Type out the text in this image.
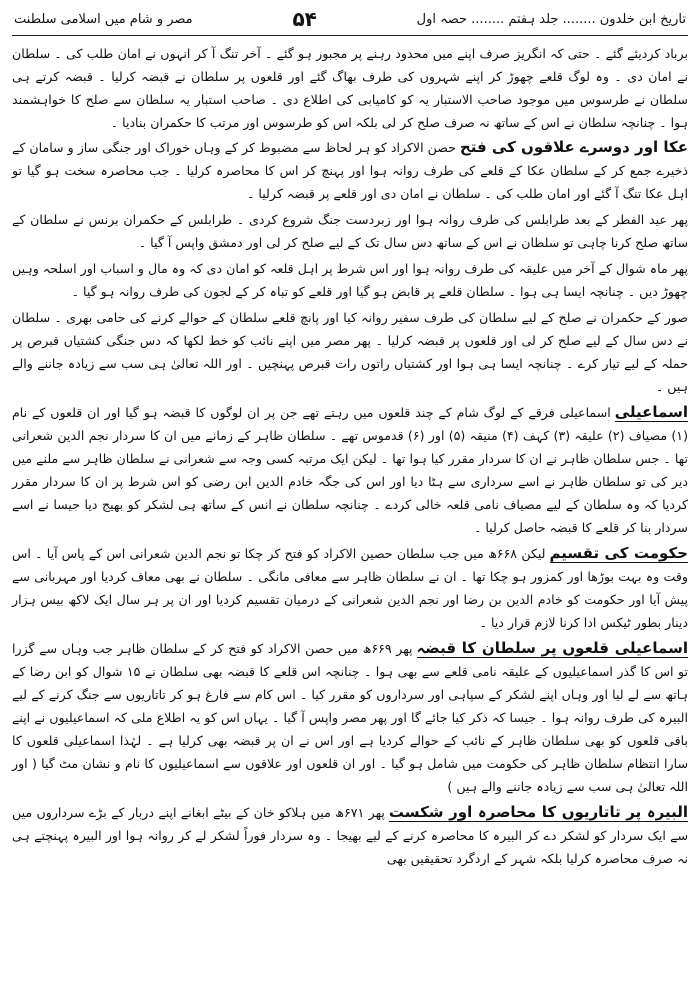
تاریخ ابن خلدون ........ جلد ہفتم ........ حصہ اول
۵۴
مصر و شام میں اسلامی سلطنت

برباد کردیئے گئے ۔ حتی کہ انگریز صرف اپنے میں محدود رہنے پر مجبور ہو گئے ۔ آخر تنگ آ کر انہوں نے امان طلب کی ۔ سلطان نے امان دی ۔ وہ لوگ قلعے چھوڑ کر اپنے شہروں کی طرف بھاگ گئے اور قلعوں پر سلطان نے قبضہ کرلیا ۔ قبضہ کرتے ہی سلطان نے طرسوس میں موجود صاحب الاستبار یہ کو کامیابی کی اطلاع دی ۔ صاحب استبار یہ سلطان سے صلح کا خواہشمند ہوا ۔ چنانچہ سلطان نے اس کے ساتھ نہ صرف صلح کر لی بلکہ اس کو طرسوس اور مرتب کا حکمران بنادیا ۔

عکا اور دوسرے علاقوں کی فتححصن الاکراد کو ہر لحاظ سے مضبوط کر کے وہاں خوراک اور جنگی ساز و سامان کے ذخیرے جمع کر کے سلطان عکا کے قلعے کی طرف روانہ ہوا اور پہنچ کر اس کا محاصرہ کرلیا ۔ جب محاصرہ سخت ہو گیا تو اہل عکا تنگ آ گئے اور امان طلب کی ۔ سلطان نے امان دی اور قلعے پر قبضہ کرلیا ۔

پھر عید الفطر کے بعد طرابلس کی طرف روانہ ہوا اور زبردست جنگ شروع کردی ۔ طرابلس کے حکمران برنس نے سلطان کے ساتھ صلح کرنا چاہی تو سلطان نے اس کے ساتھ دس سال تک کے لیے صلح کر لی اور دمشق واپس آ گیا ۔

پھر ماہ شوال کے آخر میں علیقہ کی طرف روانہ ہوا اور اس شرط پر اہل قلعہ کو امان دی کہ وہ مال و اسباب اور اسلحہ وہیں چھوڑ دیں ۔ چنانچہ ایسا ہی ہوا ۔ سلطان قلعے پر قابض ہو گیا اور قلعے کو تباہ کر کے لجون کی طرف روانہ ہو گیا ۔

صور کے حکمران نے صلح کے لیے سلطان کی طرف سفیر روانہ کیا اور پانچ قلعے سلطان کے حوالے کرنے کی حامی بھری ۔ سلطان نے دس سال کے لیے صلح کر لی اور قلعوں پر قبضہ کرلیا ۔ پھر مصر میں اپنے نائب کو خط لکھا کہ دس جنگی کشتیاں قبرص پر حملہ کے لیے تیار کرے ۔ چنانچہ ایسا ہی ہوا اور کشتیاں راتوں رات قبرص پہنچیں ۔ اور اللہ تعالیٰ ہی سب سے زیادہ جاننے والے ہیں ۔

اسماعیلیاسماعیلی فرقے کے لوگ شام کے چند قلعوں میں رہتے تھے جن پر ان لوگوں کا قبضہ ہو گیا اور ان قلعوں کے نام (۱) مصیاف (۲) علیقہ (۳) کہف (۴) منیقہ (۵) اور (۶) قدموس تھے ۔ سلطان ظاہر کے زمانے میں ان کا سردار نجم الدین شعرانی تھا ۔ جس سلطان ظاہر نے ان کا سردار مقرر کیا ہوا تھا ۔ لیکن ایک مرتبہ کسی وجہ سے شعرانی نے سلطان ظاہر سے ملنے میں دیر کی تو سلطان ظاہر نے اسے سرداری سے ہٹا دیا اور اس کی جگہ خادم الدین ابن رضی کو اس شرط پر ان کا سردار مقرر کردیا کہ وہ سلطان کے لیے مصیاف نامی قلعہ خالی کردے ۔ چنانچہ سلطان نے انس کے ساتھ ہی لشکر کو بھیج دیا جیسا نے اسے سردار بنا کر قلعے کا قبضہ حاصل کرلیا ۔

حکومت کی تقسیملیکن ۶۶۸ھ میں جب سلطان حصین الاکراد کو فتح کر چکا تو نجم الدین شعرانی اس کے پاس آیا ۔ اس وقت وہ بہت بوڑھا اور کمزور ہو چکا تھا ۔ ان نے سلطان ظاہر سے معافی مانگی ۔ سلطان نے بھی معاف کردیا اور مہربانی سے پیش آیا اور حکومت کو خادم الدین بن رضا اور نجم الدین شعرانی کے درمیان تقسیم کردیا اور ان پر ہر سال ایک لاکھ بیس ہزار دینار بطور ٹیکس ادا کرنا لازم قرار دیا ۔

اسماعیلی قلعوں پر سلطان کا قبضہپھر ۶۶۹ھ میں حصن الاکراد کو فتح کر کے سلطان ظاہر جب وہاں سے گزرا تو اس کا گذر اسماعیلیوں کے علیقہ نامی قلعے سے بھی ہوا ۔ چنانچہ اس قلعے کا قبضہ بھی سلطان نے ۱۵ شوال کو ابن رضا کے ہاتھ سے لے لیا اور وہاں اپنے لشکر کے سپاہی اور سرداروں کو مقرر کیا ۔ اس کام سے فارغ ہو کر تاتاریوں سے جنگ کرنے کے لیے البیرہ کی طرف روانہ ہوا ۔ جیسا کہ ذکر کیا جائے گا اور پھر مصر واپس آ گیا ۔ یہاں اس کو یہ اطلاع ملی کہ اسماعیلیوں نے اپنے باقی قلعوں کو بھی سلطان ظاہر کے نائب کے حوالے کردیا ہے اور اس نے ان پر قبضہ بھی کرلیا ہے ۔ لہٰذا اسماعیلی قلعوں کا سارا انتظام سلطان ظاہر کی حکومت میں شامل ہو گیا ۔ اور ان قلعوں اور علاقوں سے اسماعیلیوں کا نام و نشان مٹ گیا ( اور اللہ تعالیٰ ہی سب سے زیادہ جاننے والے ہیں )

البیرہ پر تاتاریوں کا محاصرہ اور شکستپھر ۶۷۱ھ میں ہلاکو خان کے بیٹے ابغانے اپنے دربار کے بڑے سرداروں میں سے ایک سردار کو لشکر دے کر البیرہ کا محاصرہ کرنے کے لیے بھیجا ۔ وہ سردار فوراً لشکر لے کر روانہ ہوا اور البیرہ پہنچتے ہی نہ صرف محاصرہ کرلیا بلکہ شہر کے اردگرد تحقیقیں بھی
